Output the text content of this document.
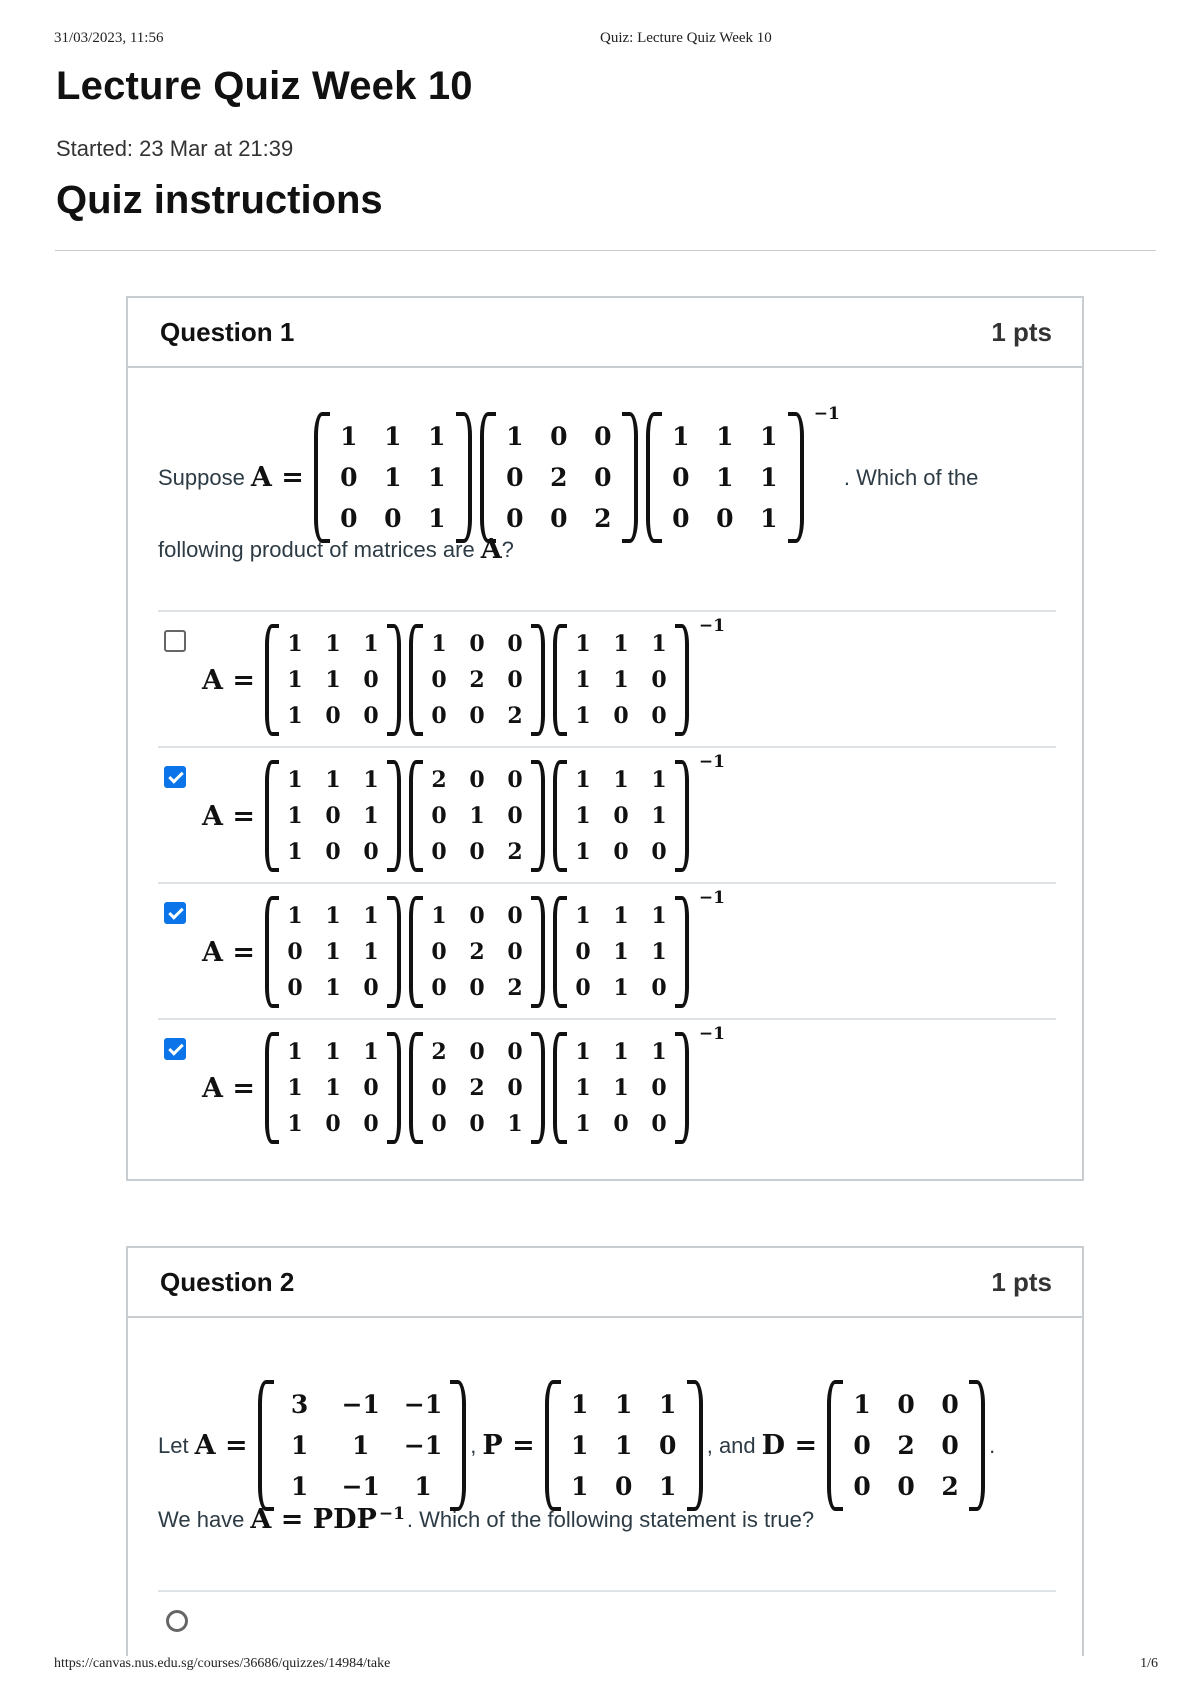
31/03/2023, 11:56	Quiz: Lecture Quiz Week 10
Lecture Quiz Week 10
Started: 23 Mar at 21:39
Quiz instructions
Question 1	1 pts
Suppose A =
1 1 1
0 1 1
0 0 1
1 0 0
0 2 0
0 0 2
1 1 1
0 1 1
0 0 1
−1
. Which of the
following product of matrices are A ?
A =
1 1 1
1 1 0
1 0 0
1 0 0
0 2 0
0 0 2
1 1 1
1 1 0
1 0 0
−1
A =
1 1 1
1 0 1
1 0 0
2 0 0
0 1 0
0 0 2
1 1 1
1 0 1
1 0 0
−1
A =
1 1 1
0 1 1
0 1 0
1 0 0
0 2 0
0 0 2
1 1 1
0 1 1
0 1 0
−1
A =
1 1 1
1 1 0
1 0 0
2 0 0
0 2 0
0 0 1
1 1 1
1 1 0
1 0 0
−1
Question 2	1 pts
Let A =
3	−1 −1
1	1	−1
1	−1	1
, P =
1 1 1
1 1 0
1 0 1
, and D =
1 0 0
0 2 0
0 0 2
.
We have A = PDP −1 . Which of the following statement is true?
https://canvas.nus.edu.sg/courses/36686/quizzes/14984/take	1/6
